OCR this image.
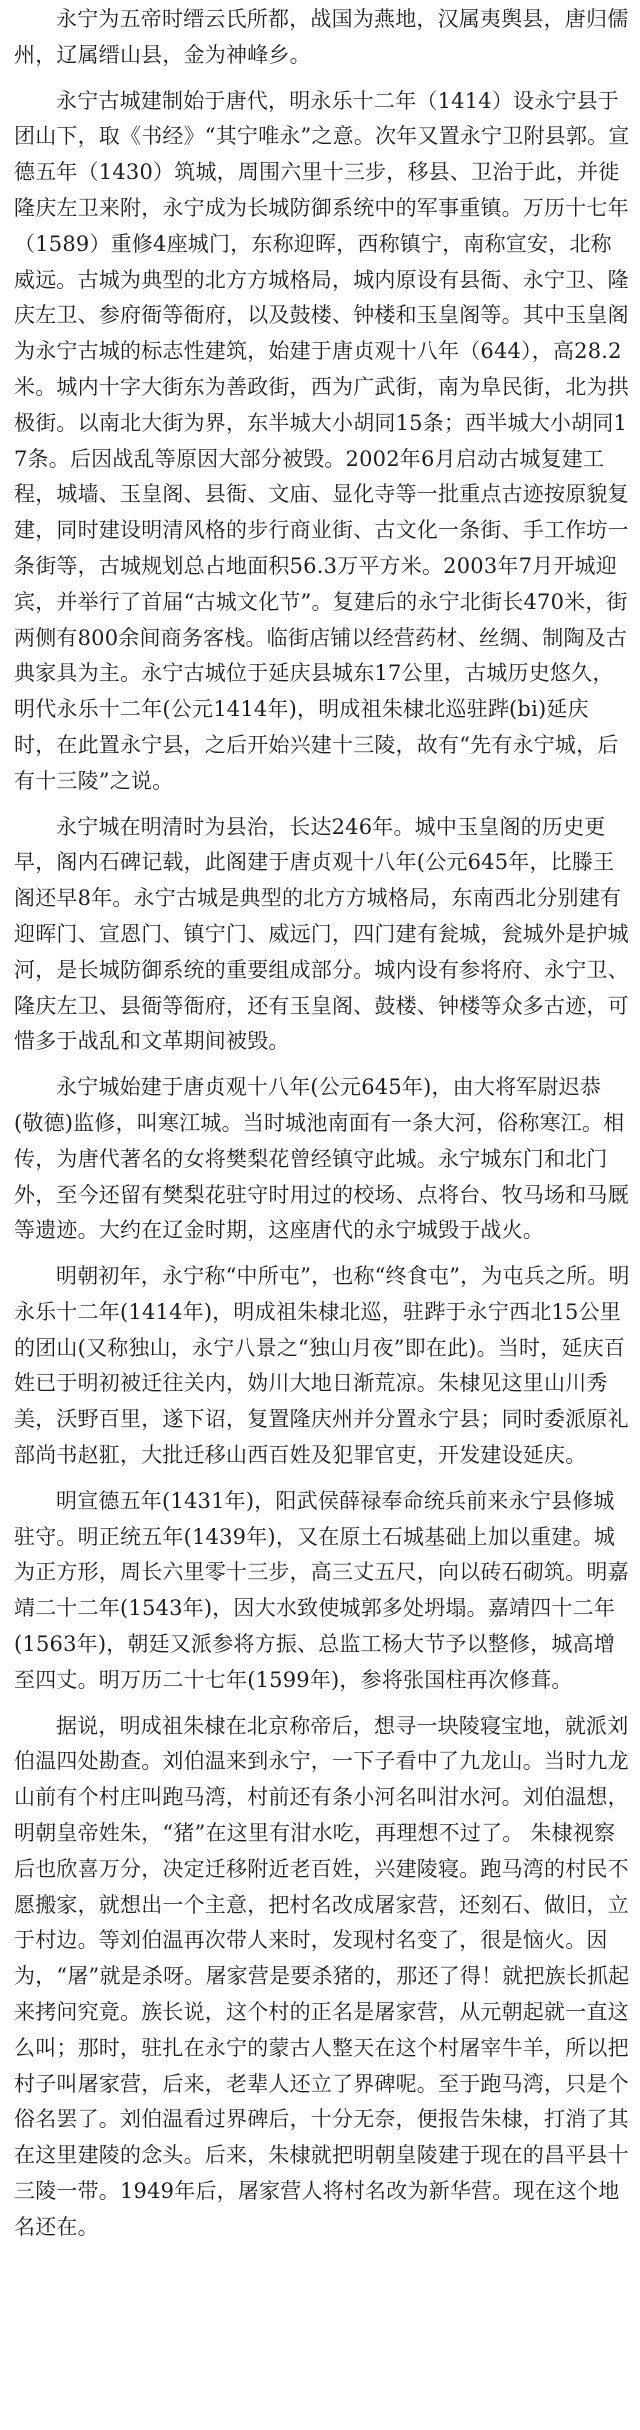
永宁为五帝时缙云氏所都，战国为燕地，汉属夷舆县，唐归儒州，辽属缙山县，金为神峰乡。

永宁古城建制始于唐代，明永乐十二年（1414）设永宁县于团山下，取《书经》“其宁唯永”之意。次年又置永宁卫附县郭。宣德五年（1430）筑城，周围六里十三步，移县、卫治于此，并徙隆庆左卫来附，永宁成为长城防御系统中的军事重镇。万历十七年（1589）重修4座城门，东称迎晖，西称镇宁，南称宣安，北称威远。古城为典型的北方方城格局，城内原设有县衙、永宁卫、隆庆左卫、参府衙等衙府，以及鼓楼、钟楼和玉皇阁等。其中玉皇阁为永宁古城的标志性建筑，始建于唐贞观十八年（644），高28.2米。城内十字大街东为善政街，西为广武街，南为阜民街，北为拱极街。以南北大街为界，东半城大小胡同15条；西半城大小胡同17条。后因战乱等原因大部分被毁。2002年6月启动古城复建工程，城墙、玉皇阁、县衙、文庙、显化寺等一批重点古迹按原貌复建，同时建设明清风格的步行商业街、古文化一条街、手工作坊一条街等，古城规划总占地面积56.3万平方米。2003年7月开城迎宾，并举行了首届“古城文化节”。复建后的永宁北街长470米，街两侧有800余间商务客栈。临街店铺以经营药材、丝绸、制陶及古典家具为主。永宁古城位于延庆县城东17公里，古城历史悠久，明代永乐十二年(公元1414年)，明成祖朱棣北巡驻跸(bi)延庆时，在此置永宁县，之后开始兴建十三陵，故有“先有永宁城，后有十三陵”之说。

永宁城在明清时为县治，长达246年。城中玉皇阁的历史更早，阁内石碑记载，此阁建于唐贞观十八年(公元645年，比滕王阁还早8年。永宁古城是典型的北方方城格局，东南西北分别建有迎晖门、宣恩门、镇宁门、威远门，四门建有瓮城，瓮城外是护城河，是长城防御系统的重要组成部分。城内设有参将府、永宁卫、隆庆左卫、县衙等衙府，还有玉皇阁、鼓楼、钟楼等众多古迹，可惜多于战乱和文革期间被毁。

永宁城始建于唐贞观十八年(公元645年)，由大将军尉迟恭(敬德)监修，叫寒江城。当时城池南面有一条大河，俗称寒江。相传，为唐代著名的女将樊梨花曾经镇守此城。永宁城东门和北门外，至今还留有樊梨花驻守时用过的校场、点将台、牧马场和马厩等遗迹。大约在辽金时期，这座唐代的永宁城毁于战火。

明朝初年，永宁称“中所屯”，也称“终食屯”，为屯兵之所。明永乐十二年(1414年)，明成祖朱棣北巡，驻跸于永宁西北15公里的团山(又称独山，永宁八景之“独山月夜”即在此)。当时，延庆百姓已于明初被迁往关内，妫川大地日渐荒凉。朱棣见这里山川秀美，沃野百里，遂下诏，复置隆庆州并分置永宁县；同时委派原礼部尚书赵羾，大批迁移山西百姓及犯罪官吏，开发建设延庆。

明宣德五年(1431年)，阳武侯薛禄奉命统兵前来永宁县修城驻守。明正统五年(1439年)，又在原土石城基础上加以重建。城为正方形，周长六里零十三步，高三丈五尺，向以砖石砌筑。明嘉靖二十二年(1543年)，因大水致使城郭多处坍塌。嘉靖四十二年(1563年)，朝廷又派参将方振、总监工杨大节予以整修，城高增至四丈。明万历二十七年(1599年)，参将张国柱再次修葺。

据说，明成祖朱棣在北京称帝后，想寻一块陵寝宝地，就派刘伯温四处勘查。刘伯温来到永宁，一下子看中了九龙山。当时九龙山前有个村庄叫跑马湾，村前还有条小河名叫泔水河。刘伯温想，明朝皇帝姓朱，“猪”在这里有泔水吃，再理想不过了。 朱棣视察后也欣喜万分，决定迁移附近老百姓，兴建陵寝。跑马湾的村民不愿搬家，就想出一个主意，把村名改成屠家营，还刻石、做旧，立于村边。等刘伯温再次带人来时，发现村名变了，很是恼火。因为，“屠”就是杀呀。屠家营是要杀猪的，那还了得！就把族长抓起来拷问究竟。族长说，这个村的正名是屠家营，从元朝起就一直这么叫；那时，驻扎在永宁的蒙古人整天在这个村屠宰牛羊，所以把村子叫屠家营，后来，老辈人还立了界碑呢。至于跑马湾，只是个俗名罢了。刘伯温看过界碑后，十分无奈，便报告朱棣，打消了其在这里建陵的念头。后来，朱棣就把明朝皇陵建于现在的昌平县十三陵一带。1949年后，屠家营人将村名改为新华营。现在这个地名还在。
